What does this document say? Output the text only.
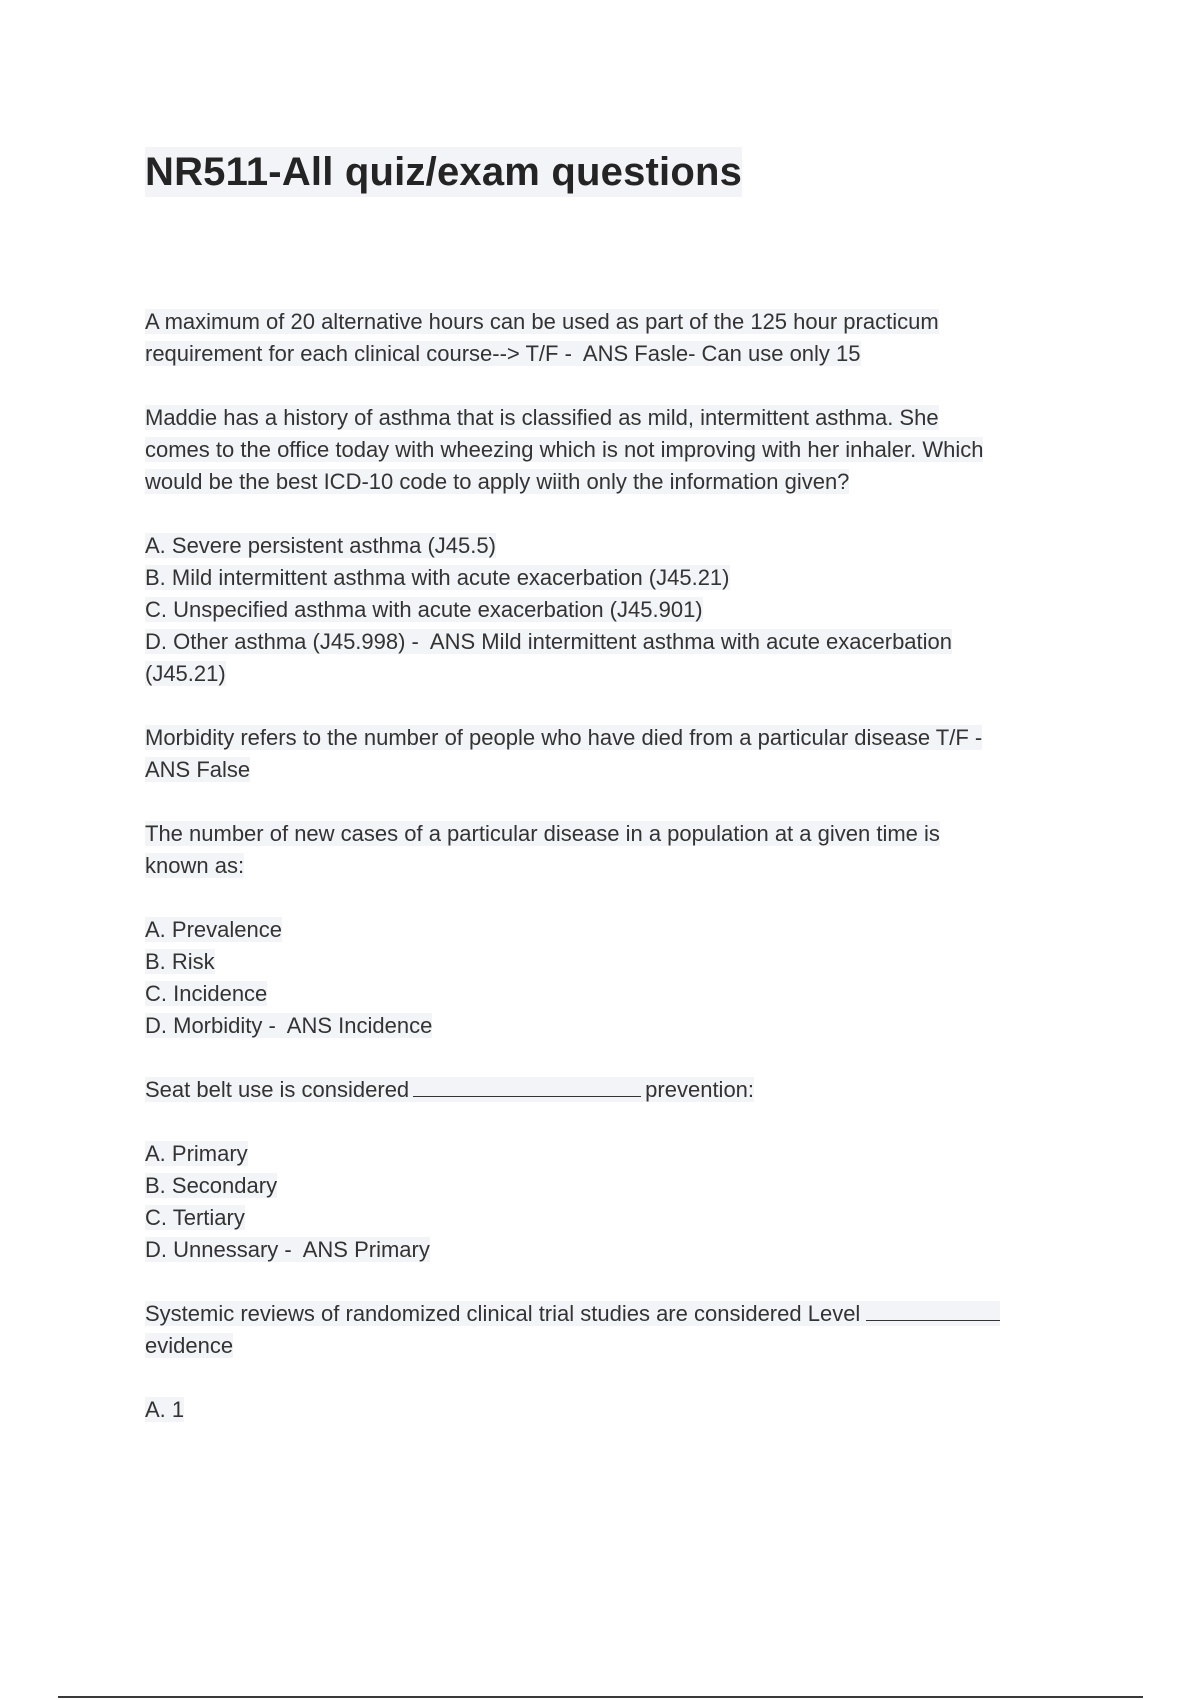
NR511-All quiz/exam questions
A maximum of 20 alternative hours can be used as part of the 125 hour practicum
requirement for each clinical course--> T/F -  ANS Fasle- Can use only 15
Maddie has a history of asthma that is classified as mild, intermittent asthma. She
comes to the office today with wheezing which is not improving with her inhaler. Which
would be the best ICD-10 code to apply wiith only the information given?
A. Severe persistent asthma (J45.5)
B. Mild intermittent asthma with acute exacerbation (J45.21)
C. Unspecified asthma with acute exacerbation (J45.901)
D. Other asthma (J45.998) -  ANS Mild intermittent asthma with acute exacerbation
(J45.21)
Morbidity refers to the number of people who have died from a particular disease T/F -
ANS False
The number of new cases of a particular disease in a population at a given time is
known as:
A. Prevalence
B. Risk
C. Incidence
D. Morbidity -  ANS Incidence
Seat belt use is considered	prevention:
A. Primary
B. Secondary
C. Tertiary
D. Unnessary -  ANS Primary
Systemic reviews of randomized clinical trial studies are considered Level
evidence
A. 1
